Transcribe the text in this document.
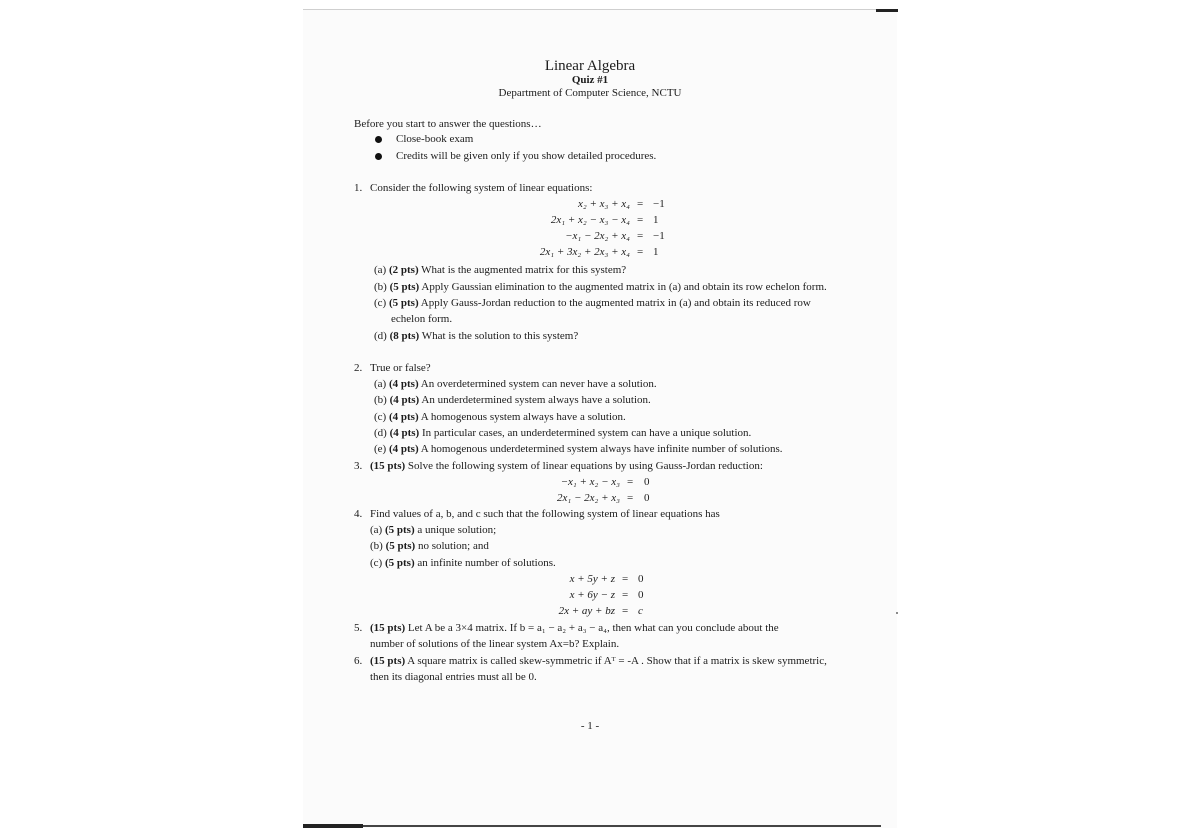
Linear Algebra
Quiz #1
Department of Computer Science, NCTU
Before you start to answer the questions…
Close-book exam
Credits will be given only if you show detailed procedures.
1. Consider the following system of linear equations:
x₂ + x₃ + x₄ = −1
2x₁ + x₂ − x₃ − x₄ = 1
−x₁ − 2x₂ + x₄ = −1
2x₁ + 3x₂ + 2x₃ + x₄ = 1
(a) (2 pts) What is the augmented matrix for this system?
(b) (5 pts) Apply Gaussian elimination to the augmented matrix in (a) and obtain its row echelon form.
(c) (5 pts) Apply Gauss-Jordan reduction to the augmented matrix in (a) and obtain its reduced row
echelon form.
(d) (8 pts) What is the solution to this system?
2. True or false?
(a) (4 pts) An overdetermined system can never have a solution.
(b) (4 pts) An underdetermined system always have a solution.
(c) (4 pts) A homogenous system always have a solution.
(d) (4 pts) In particular cases, an underdetermined system can have a unique solution.
(e) (4 pts) A homogenous underdetermined system always have infinite number of solutions.
3. (15 pts) Solve the following system of linear equations by using Gauss-Jordan reduction:
−x₁ + x₂ − x₃ = 0
2x₁ − 2x₂ + x₃ = 0
4. Find values of a, b, and c such that the following system of linear equations has
(a) (5 pts) a unique solution;
(b) (5 pts) no solution; and
(c) (5 pts) an infinite number of solutions.
x + 5y + z = 0
x + 6y − z = 0
2x + ay + bz = c
5. (15 pts) Let A be a 3×4 matrix. If b = a₁ − a₂ + a₃ − a₄, then what can you conclude about the
number of solutions of the linear system Ax=b? Explain.
6. (15 pts) A square matrix is called skew-symmetric if Aᵀ = -A . Show that if a matrix is skew symmetric,
then its diagonal entries must all be 0.
- 1 -
